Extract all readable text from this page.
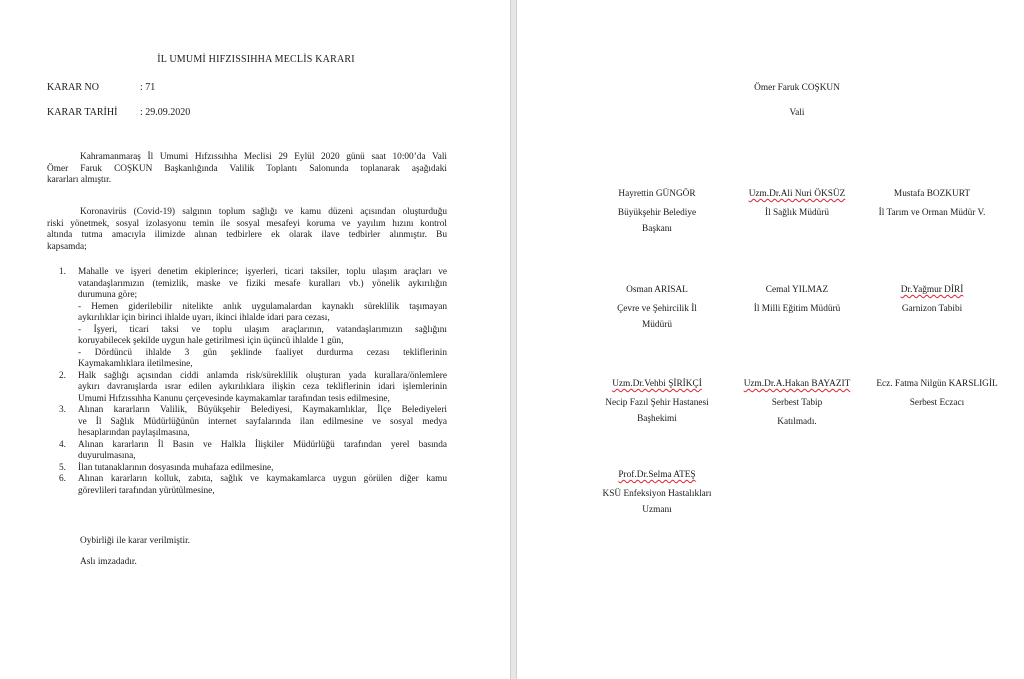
İL UMUMİ HIFZISSIHHA MECLİS KARARI
KARAR NO	: 71
KARAR TARİHİ : 29.09.2020
Kahramanmaraş İl Umumi Hıfzıssıhha Meclisi 29 Eylül 2020 günü saat 10:00’da Vali
Ömer Faruk COŞKUN Başkanlığında Valilik Toplantı Salonunda toplanarak aşağıdaki
kararları almıştır.
Koronavirüs (Covid-19) salgının toplum sağlığı ve kamu düzeni açısından oluşturduğu
riski yönetmek, sosyal izolasyonu temin ile sosyal mesafeyi koruma ve yayılım hızını kontrol
altında tutma amacıyla ilimizde alınan tedbirlere ek olarak ilave tedbirler alınmıştır. Bu
kapsamda;
1. Mahalle ve işyeri denetim ekiplerince; işyerleri, ticari taksiler, toplu ulaşım araçları ve
vatandaşlarımızın (temizlik, maske ve fiziki mesafe kuralları vb.) yönelik aykırılığın
durumuna göre;
- Hemen giderilebilir nitelikte anlık uygulamalardan kaynaklı süreklilik taşımayan
aykırılıklar için birinci ihlalde uyarı, ikinci ihlalde idari para cezası,
- İşyeri, ticari taksi ve toplu ulaşım araçlarının, vatandaşlarımızın sağlığını
koruyabilecek şekilde uygun hale getirilmesi için üçüncü ihlalde 1 gün,
- Dördüncü ihlalde 3 gün şeklinde faaliyet durdurma cezası tekliflerinin
Kaymakamlıklara iletilmesine,
2. Halk sağlığı açısından ciddi anlamda risk/süreklilik oluşturan yada kurallara/önlemlere
aykırı davranışlarda ısrar edilen aykırılıklara ilişkin ceza tekliflerinin idari işlemlerinin
Umumi Hıfzıssıhha Kanunu çerçevesinde kaymakamlar tarafından tesis edilmesine,
3. Alınan kararların Valilik, Büyükşehir Belediyesi, Kaymakamlıklar, İlçe Belediyeleri
ve İl Sağlık Müdürlüğünün internet sayfalarında ilan edilmesine ve sosyal medya
hesaplarından paylaşılmasına,
4. Alınan kararların İl Basın ve Halkla İlişkiler Müdürlüğü tarafından yerel basında
duyurulmasına,
5. İlan tutanaklarının dosyasında muhafaza edilmesine,
6. Alınan kararların kolluk, zabıta, sağlık ve kaymakamlarca uygun görülen diğer kamu
görevlileri tarafından yürütülmesine,
Oybirliği ile karar verilmiştir.
Aslı imzadadır.
Ömer Faruk COŞKUN
Vali
Hayrettin GÜNGÖR
Büyükşehir Belediye
Başkanı
Uzm.Dr.Ali Nuri ÖKSÜZ
İl Sağlık Müdürü
Mustafa BOZKURT
İl Tarım ve Orman Müdür V.
Osman ARISAL
Çevre ve Şehircilik İl
Müdürü
Cemal YILMAZ
İl Milli Eğitim Müdürü
Dr.Yağmur DİRİ
Garnizon Tabibi
Uzm.Dr.Vehbi ŞİRİKÇİ
Necip Fazıl Şehir Hastanesi
Başhekimi
Uzm.Dr.A.Hakan BAYAZIT
Serbest Tabip
Katılmadı.
Ecz. Fatma Nilgün KARSLIGİL
Serbest Eczacı
Prof.Dr.Selma ATEŞ
KSÜ Enfeksiyon Hastalıkları
Uzmanı
